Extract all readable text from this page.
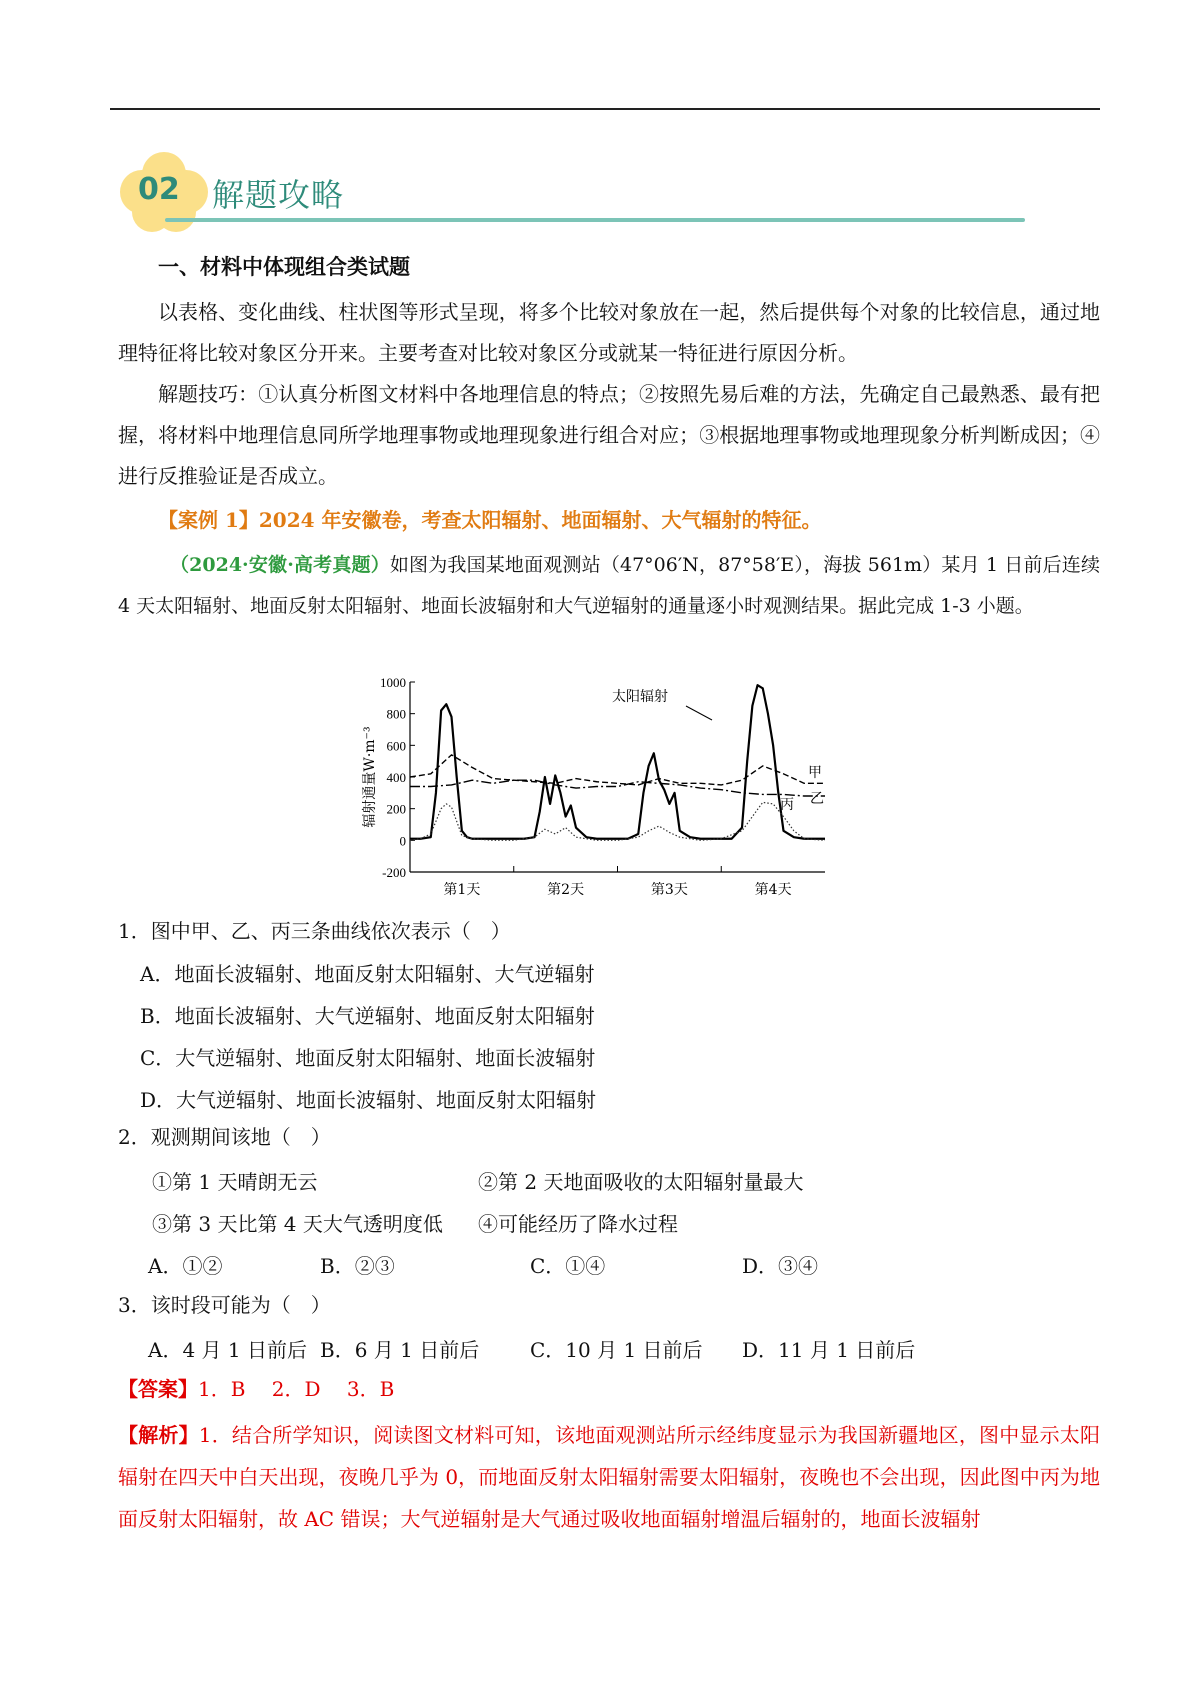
02 解题攻略
一、材料中体现组合类试题
以表格、变化曲线、柱状图等形式呈现，将多个比较对象放在一起，然后提供每个对象的比较信息，通过地理特征将比较对象区分开来。主要考查对比较对象区分或就某一特征进行原因分析。
解题技巧：①认真分析图文材料中各地理信息的特点；②按照先易后难的方法，先确定自己最熟悉、最有把握，将材料中地理信息同所学地理事物或地理现象进行组合对应；③根据地理事物或地理现象分析判断成因；④进行反推验证是否成立。
【案例 1】2024 年安徽卷，考查太阳辐射、地面辐射、大气辐射的特征。
（2024·安徽·高考真题）如图为我国某地面观测站（47°06′N，87°58′E），海拔 561m）某月 1 日前后连续 4 天太阳辐射、地面反射太阳辐射、地面长波辐射和大气逆辐射的通量逐小时观测结果。据此完成 1-3 小题。
1000
800
600
400
200
0
-200
辐射通量W·m⁻³
第1天	第2天	第3天	第4天
太阳辐射
甲
乙
丙
1．图中甲、乙、丙三条曲线依次表示（　）
A．地面长波辐射、地面反射太阳辐射、大气逆辐射
B．地面长波辐射、大气逆辐射、地面反射太阳辐射
C．大气逆辐射、地面反射太阳辐射、地面长波辐射
D．大气逆辐射、地面长波辐射、地面反射太阳辐射
2．观测期间该地（　）
①第 1 天晴朗无云	②第 2 天地面吸收的太阳辐射量最大
③第 3 天比第 4 天大气透明度低 ④可能经历了降水过程
A．①②	B．②③	C．①④	D．③④
3．该时段可能为（　）
A．4 月 1 日前后 B．6 月 1 日前后	C．10 月 1 日前后 D．11 月 1 日前后
【答案】1．B　 2．D　 3．B
【解析】1．结合所学知识，阅读图文材料可知，该地面观测站所示经纬度显示为我国新疆地区，图中显示太阳辐射在四天中白天出现，夜晚几乎为 0，而地面反射太阳辐射需要太阳辐射，夜晚也不会出现，因此图中丙为地面反射太阳辐射，故 AC 错误；大气逆辐射是大气通过吸收地面辐射增温后辐射的，地面长波辐射
